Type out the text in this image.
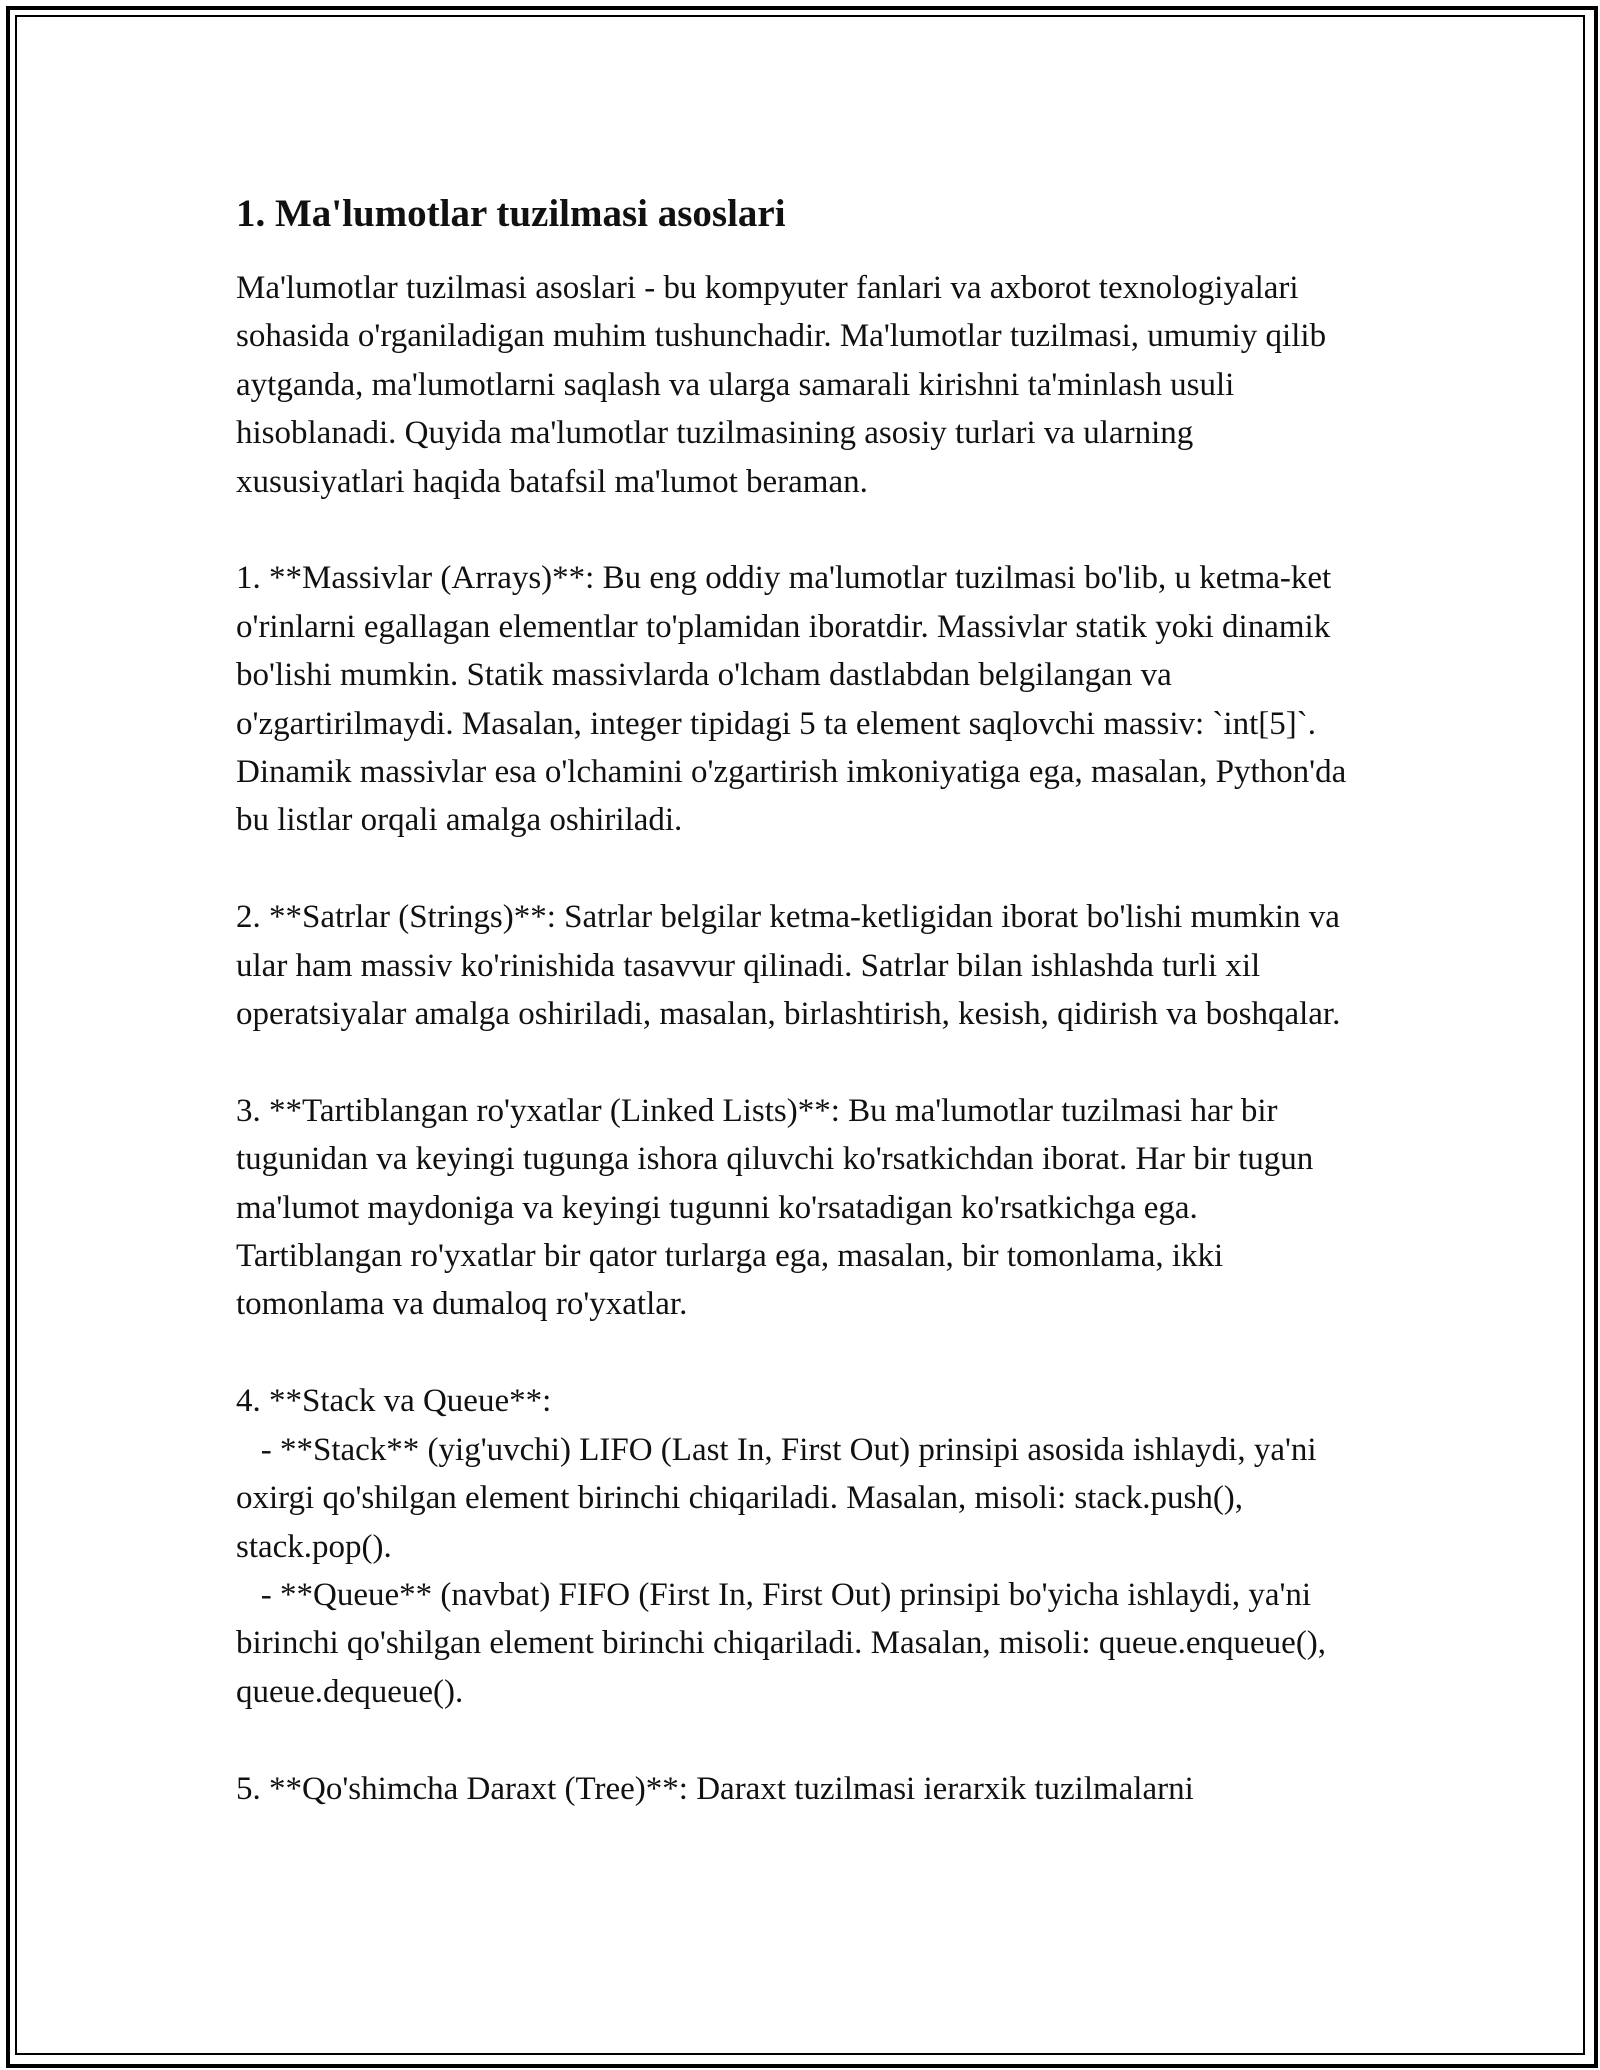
1. Ma'lumotlar tuzilmasi asoslari

Ma'lumotlar tuzilmasi asoslari - bu kompyuter fanlari va axborot texnologiyalari sohasida o'rganiladigan muhim tushunchadir. Ma'lumotlar tuzilmasi, umumiy qilib aytganda, ma'lumotlarni saqlash va ularga samarali kirishni ta'minlash usuli hisoblanadi. Quyida ma'lumotlar tuzilmasining asosiy turlari va ularning xususiyatlari haqida batafsil ma'lumot beraman.

1. **Massivlar (Arrays)**: Bu eng oddiy ma'lumotlar tuzilmasi bo'lib, u ketma-ket o'rinlarni egallagan elementlar to'plamidan iboratdir. Massivlar statik yoki dinamik bo'lishi mumkin. Statik massivlarda o'lcham dastlabdan belgilangan va o'zgartirilmaydi. Masalan, integer tipidagi 5 ta element saqlovchi massiv: `int[5]`. Dinamik massivlar esa o'lchamini o'zgartirish imkoniyatiga ega, masalan, Python'da bu listlar orqali amalga oshiriladi.

2. **Satrlar (Strings)**: Satrlar belgilar ketma-ketligidan iborat bo'lishi mumkin va ular ham massiv ko'rinishida tasavvur qilinadi. Satrlar bilan ishlashda turli xil operatsiyalar amalga oshiriladi, masalan, birlashtirish, kesish, qidirish va boshqalar.

3. **Tartiblangan ro'yxatlar (Linked Lists)**: Bu ma'lumotlar tuzilmasi har bir tugunidan va keyingi tugunga ishora qiluvchi ko'rsatkichdan iborat. Har bir tugun ma'lumot maydoniga va keyingi tugunni ko'rsatadigan ko'rsatkichga ega. Tartiblangan ro'yxatlar bir qator turlarga ega, masalan, bir tomonlama, ikki tomonlama va dumaloq ro'yxatlar.

4. **Stack va Queue**:
- **Stack** (yig'uvchi) LIFO (Last In, First Out) prinsipi asosida ishlaydi, ya'ni oxirgi qo'shilgan element birinchi chiqariladi. Masalan, misoli: stack.push(), stack.pop().
- **Queue** (navbat) FIFO (First In, First Out) prinsipi bo'yicha ishlaydi, ya'ni birinchi qo'shilgan element birinchi chiqariladi. Masalan, misoli: queue.enqueue(), queue.dequeue().

5. **Qo'shimcha Daraxt (Tree)**: Daraxt tuzilmasi ierarxik tuzilmalarni
